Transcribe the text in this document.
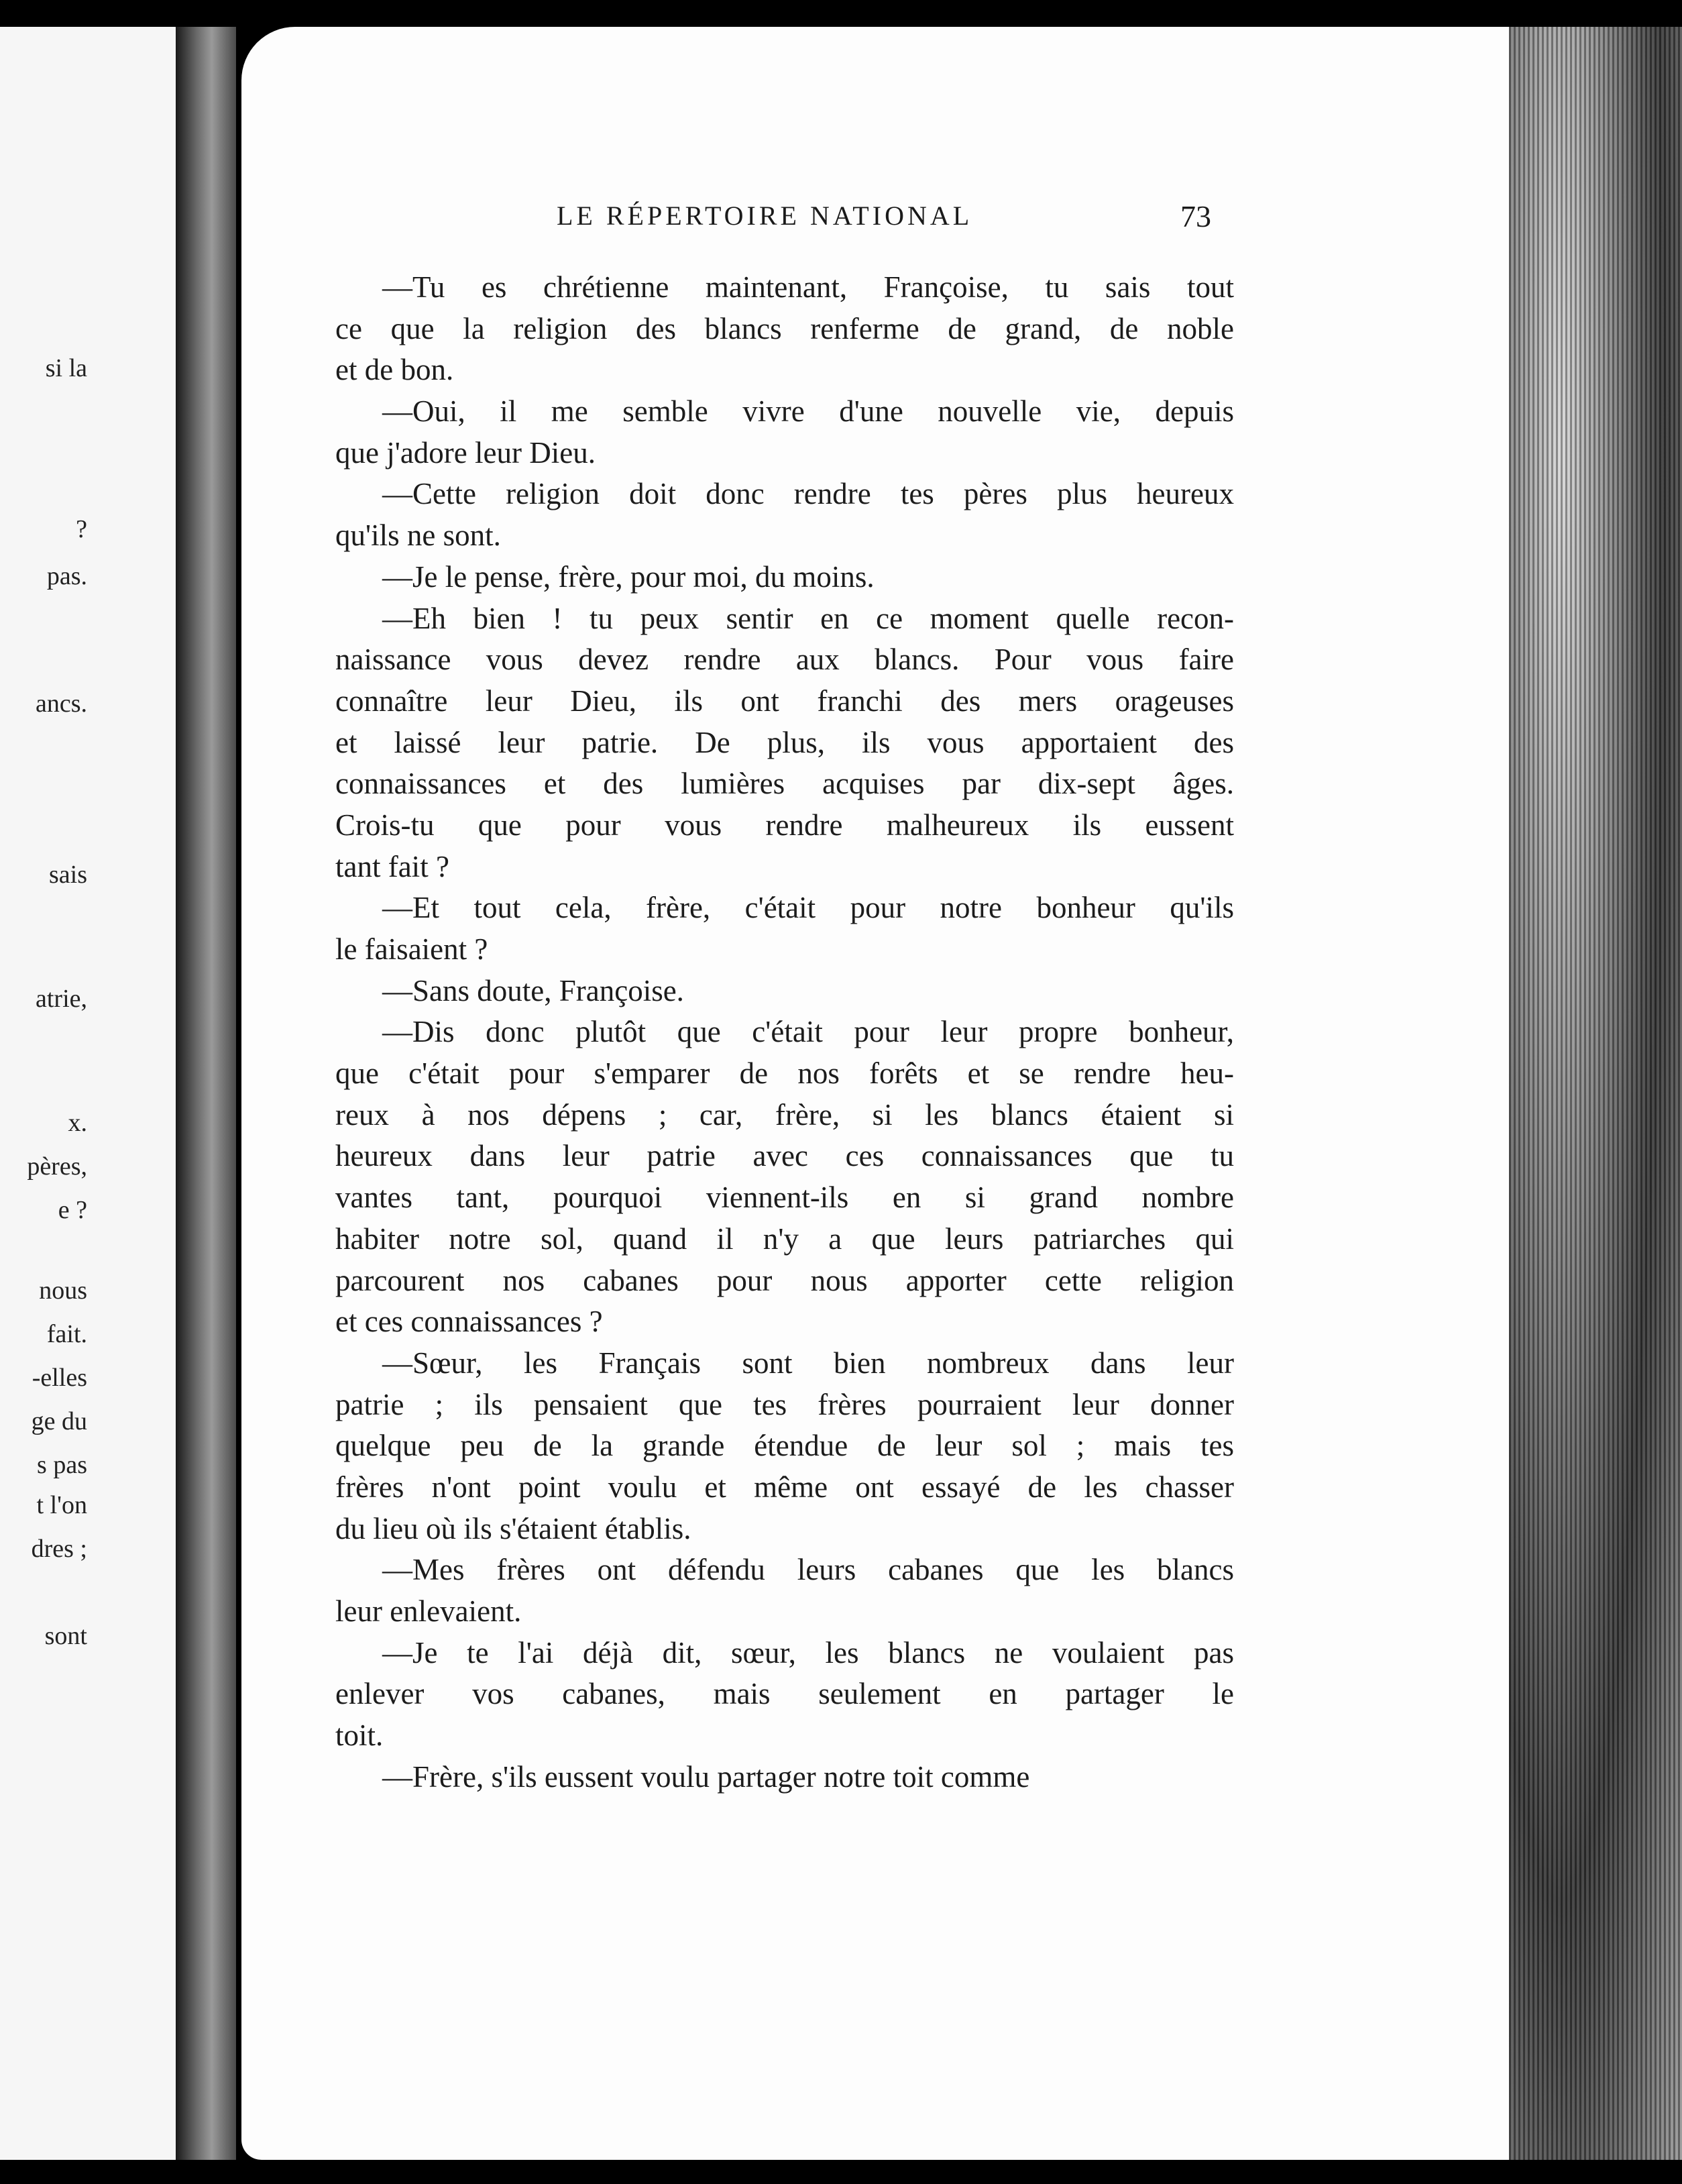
si la
?
pas.
ancs.
sais
atrie,
x.
pères,
e ?
nous
fait.
-elles
ge du
s pas
t l'on
dres ;
sont
LE RÉPERTOIRE NATIONAL	73
—Tu es chrétienne maintenant, Françoise, tu sais tout
ce que la religion des blancs renferme de grand, de noble
et de bon.
—Oui, il me semble vivre d'une nouvelle vie, depuis
que j'adore leur Dieu.
—Cette religion doit donc rendre tes pères plus heureux
qu'ils ne sont.
—Je le pense, frère, pour moi, du moins.
—Eh bien ! tu peux sentir en ce moment quelle recon-
naissance vous devez rendre aux blancs. Pour vous faire
connaître leur Dieu, ils ont franchi des mers orageuses
et laissé leur patrie. De plus, ils vous apportaient des
connaissances et des lumières acquises par dix-sept âges.
Crois-tu que pour vous rendre malheureux ils eussent
tant fait ?
—Et tout cela, frère, c'était pour notre bonheur qu'ils
le faisaient ?
—Sans doute, Françoise.
—Dis donc plutôt que c'était pour leur propre bonheur,
que c'était pour s'emparer de nos forêts et se rendre heu-
reux à nos dépens ; car, frère, si les blancs étaient si
heureux dans leur patrie avec ces connaissances que tu
vantes tant, pourquoi viennent-ils en si grand nombre
habiter notre sol, quand il n'y a que leurs patriarches qui
parcourent nos cabanes pour nous apporter cette religion
et ces connaissances ?
—Sœur, les Français sont bien nombreux dans leur
patrie ; ils pensaient que tes frères pourraient leur donner
quelque peu de la grande étendue de leur sol ; mais tes
frères n'ont point voulu et même ont essayé de les chasser
du lieu où ils s'étaient établis.
—Mes frères ont défendu leurs cabanes que les blancs
leur enlevaient.
—Je te l'ai déjà dit, sœur, les blancs ne voulaient pas
enlever vos cabanes, mais seulement en partager le
toit.
—Frère, s'ils eussent voulu partager notre toit comme
